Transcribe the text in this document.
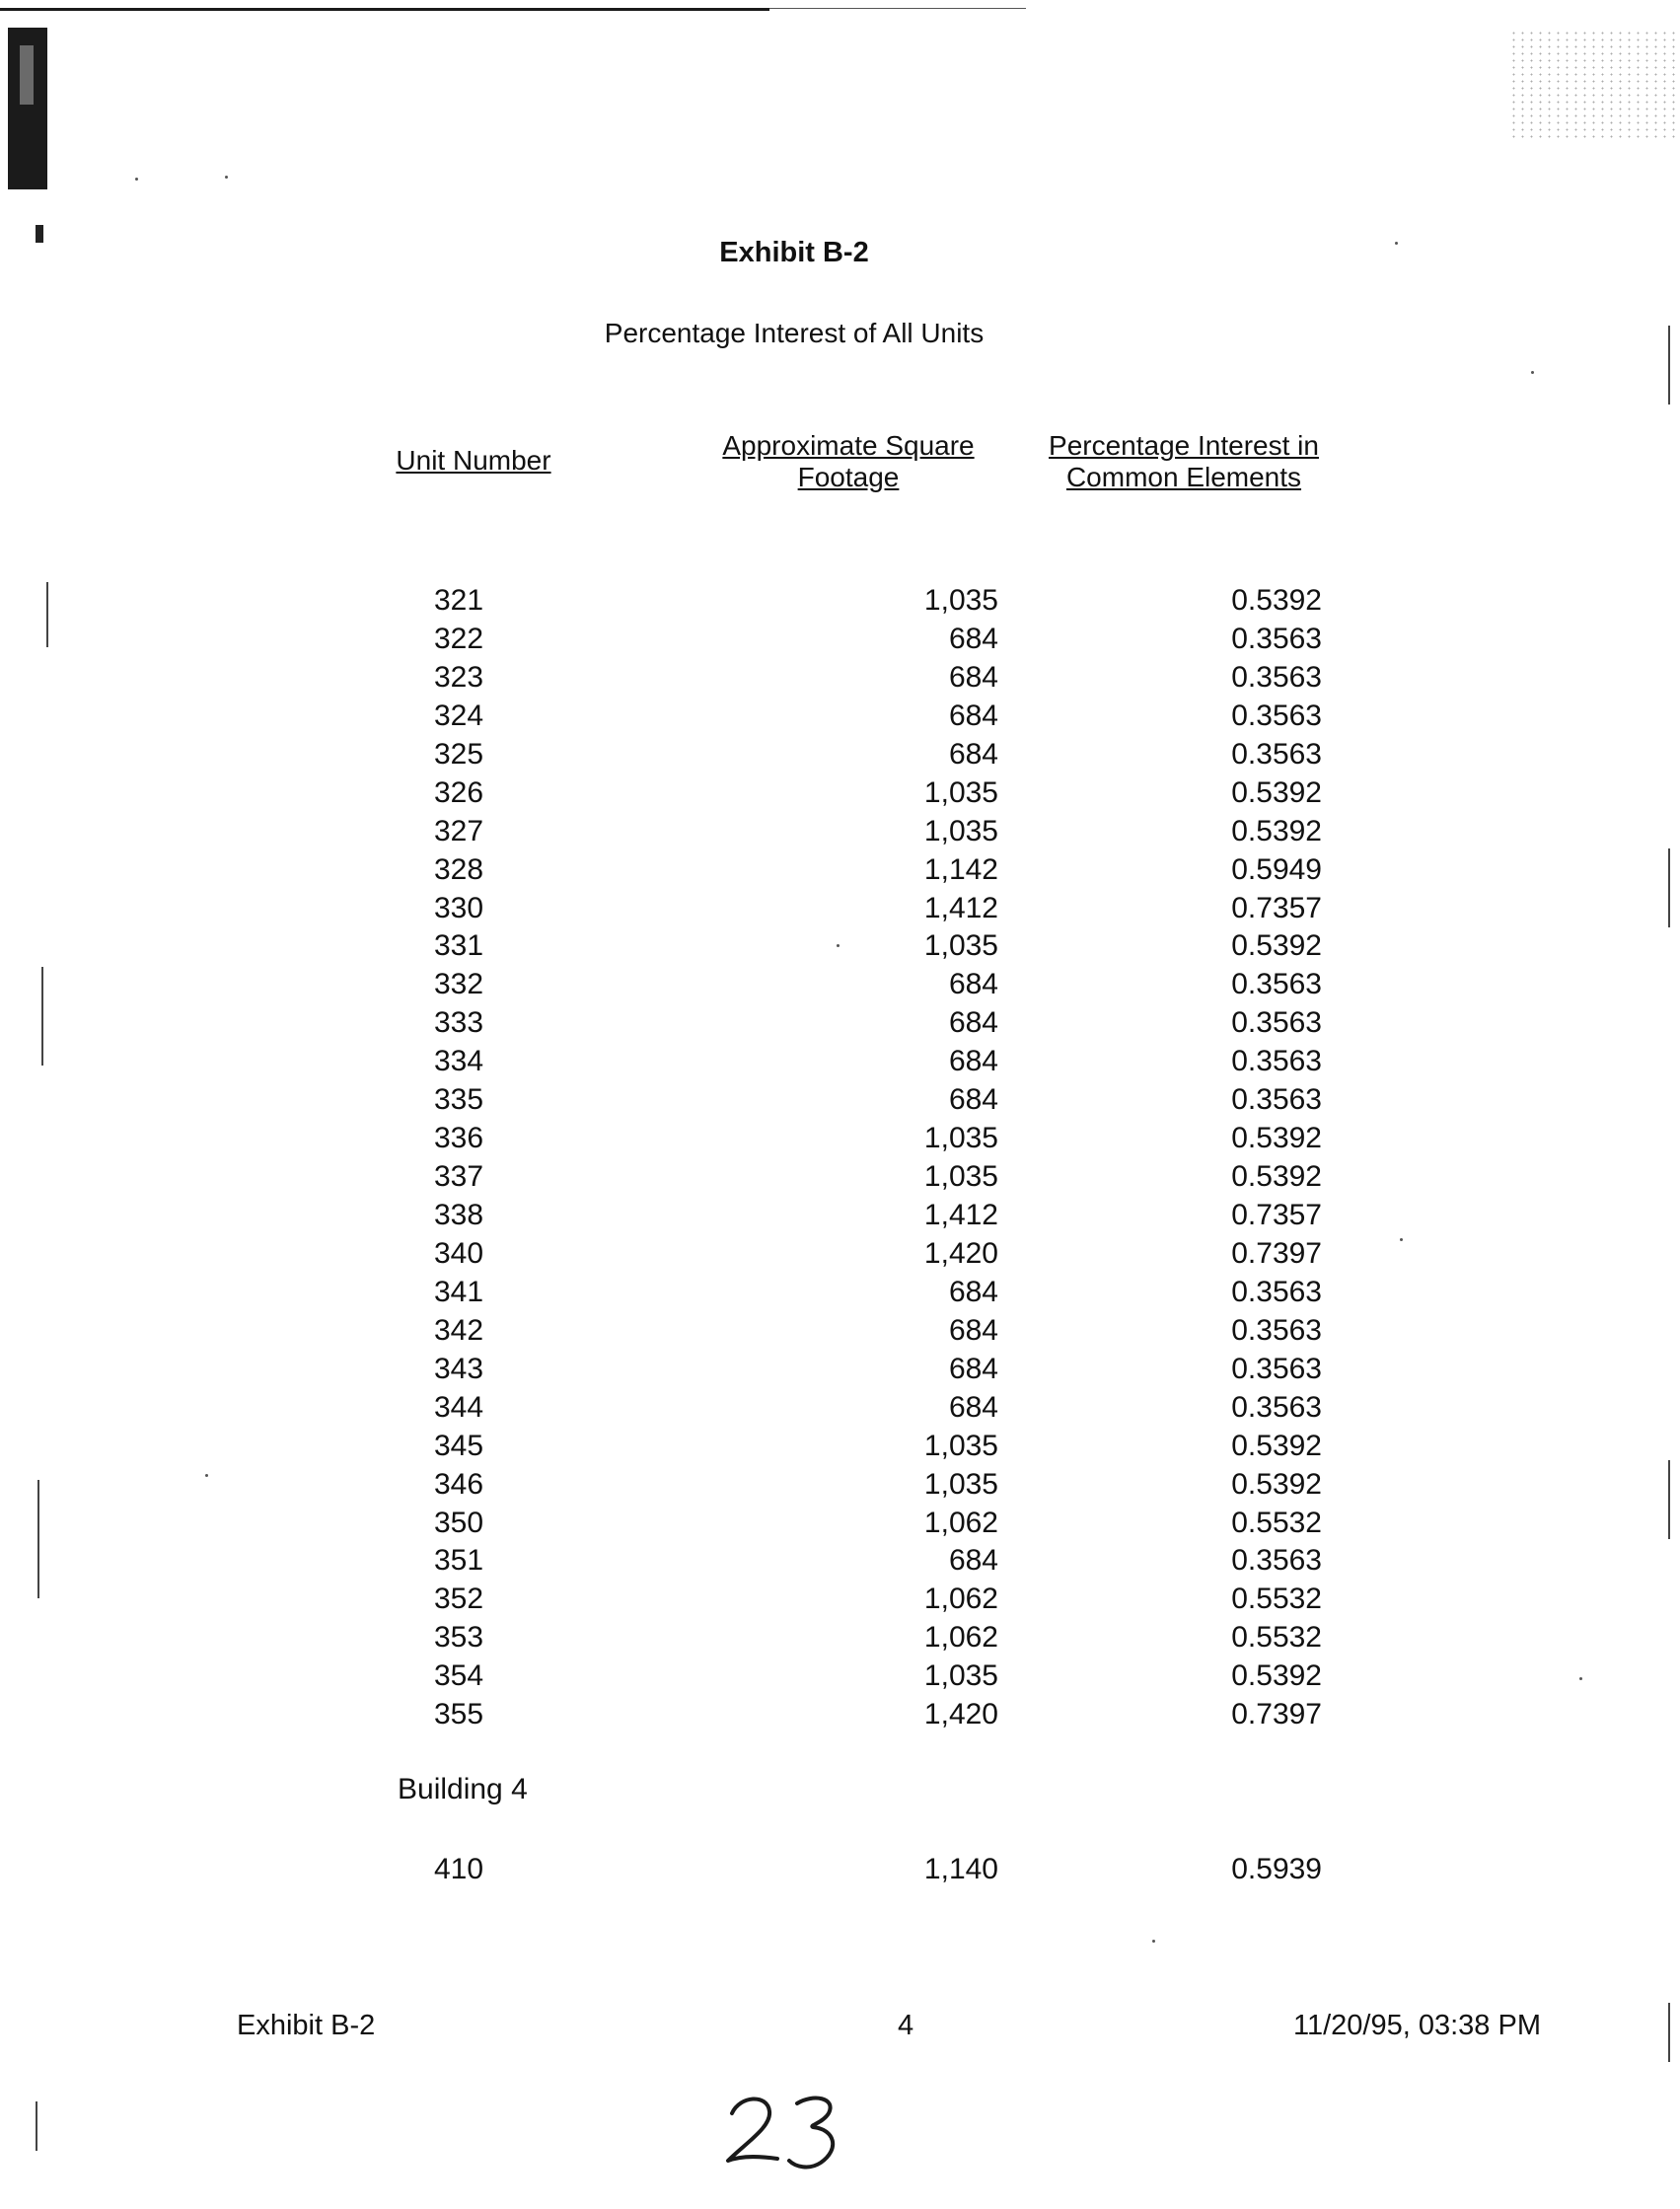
Exhibit B-2
Percentage Interest of All Units
Unit Number	Approximate Square
Footage
Percentage Interest in
Common Elements
321	1,035	0.5392
322	684	0.3563
323	684	0.3563
324	684	0.3563
325	684	0.3563
326	1,035	0.5392
327	1,035	0.5392
328	1,142	0.5949
330	1,412	0.7357
331	1,035	0.5392
332	684	0.3563
333	684	0.3563
334	684	0.3563
335	684	0.3563
336	1,035	0.5392
337	1,035	0.5392
338	1,412	0.7357
340	1,420	0.7397
341	684	0.3563
342	684	0.3563
343	684	0.3563
344	684	0.3563
345	1,035	0.5392
346	1,035	0.5392
350	1,062	0.5532
351	684	0.3563
352	1,062	0.5532
353	1,062	0.5532
354	1,035	0.5392
355	1,420	0.7397
Building 4
410	1,140	0.5939
Exhibit B-2	4	11/20/95, 03:38 PM
